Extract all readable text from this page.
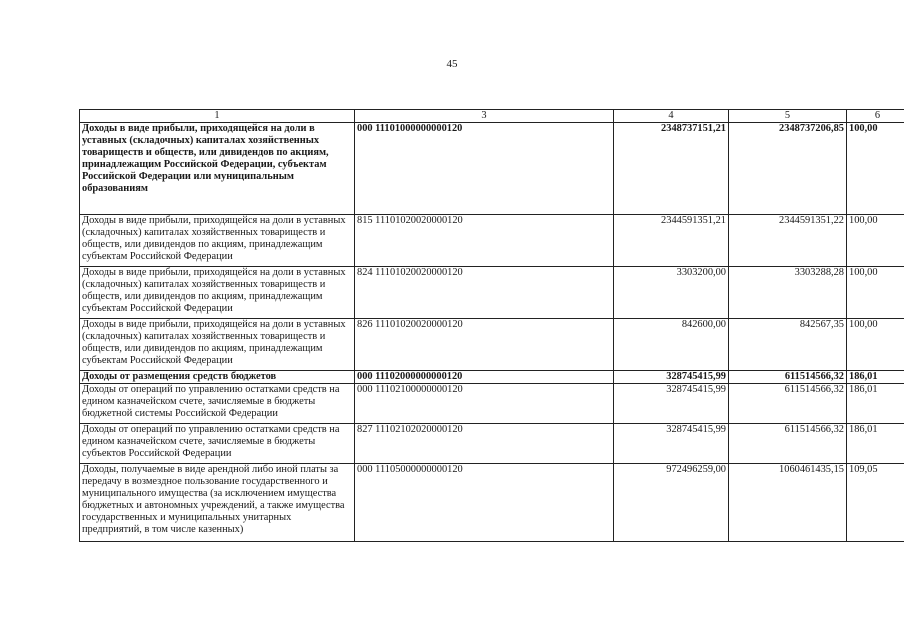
45
1	3	4	5	6
Доходы в виде прибыли, приходящейся на доли в уставных (складочных) капиталах хозяйственных товариществ и обществ, или дивидендов по акциям, принадлежащим Российской Федерации, субъектам Российской Федерации или муниципальным образованиям	000 11101000000000120	2348737151,21	2348737206,85	100,00
Доходы в виде прибыли, приходящейся на доли в уставных (складочных) капиталах хозяйственных товариществ и обществ, или дивидендов по акциям, принадлежащим субъектам Российской Федерации	815 11101020020000120	2344591351,21	2344591351,22	100,00
Доходы в виде прибыли, приходящейся на доли в уставных (складочных) капиталах хозяйственных товариществ и обществ, или дивидендов по акциям, принадлежащим субъектам Российской Федерации	824 11101020020000120	3303200,00	3303288,28	100,00
Доходы в виде прибыли, приходящейся на доли в уставных (складочных) капиталах хозяйственных товариществ и обществ, или дивидендов по акциям, принадлежащим субъектам Российской Федерации	826 11101020020000120	842600,00	842567,35	100,00
Доходы от размещения средств бюджетов	000 11102000000000120	328745415,99	611514566,32	186,01
Доходы от операций по управлению остатками средств на едином казначейском счете, зачисляемые в бюджеты бюджетной системы Российской Федерации	000 11102100000000120	328745415,99	611514566,32	186,01
Доходы от операций по управлению остатками средств на едином казначейском счете, зачисляемые в бюджеты субъектов Российской Федерации	827 11102102020000120	328745415,99	611514566,32	186,01
Доходы, получаемые в виде арендной либо иной платы за передачу в возмездное пользование государственного и муниципального имущества (за исключением имущества бюджетных и автономных учреждений, а также имущества государственных и муниципальных унитарных предприятий, в том числе казенных)	000 11105000000000120	972496259,00	1060461435,15	109,05
